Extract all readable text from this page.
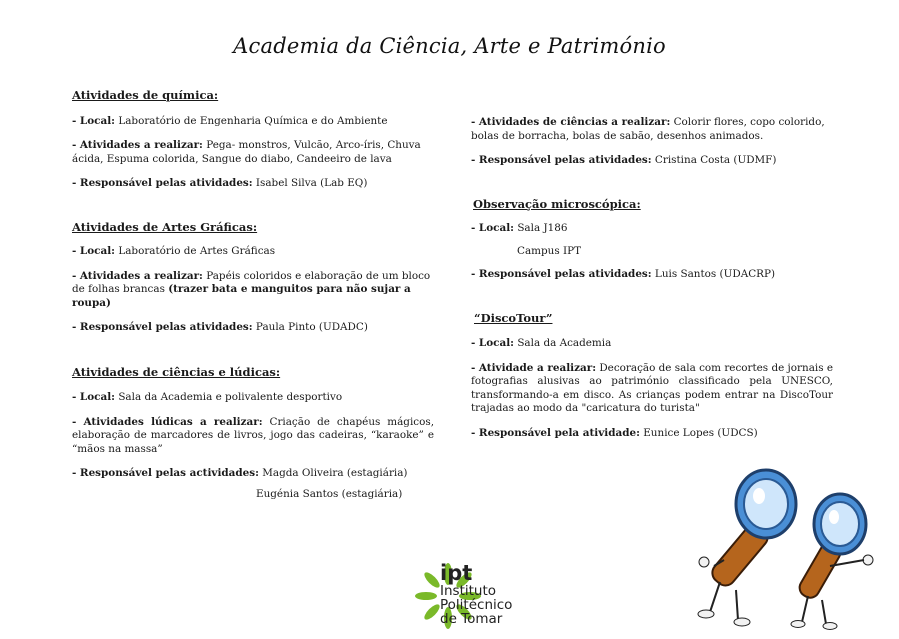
Academia da Ciência, Arte e Património

Atividades de química:

- Local: Laboratório de Engenharia Química e do Ambiente

- Atividades a realizar: Pega- monstros, Vulcão, Arco-íris, Chuva ácida, Espuma colorida, Sangue do diabo, Candeeiro de lava

- Responsável pelas atividades: Isabel Silva (Lab EQ)

Atividades de Artes Gráficas:

- Local: Laboratório de Artes Gráficas

- Atividades a realizar: Papéis coloridos e elaboração de um bloco de folhas brancas (trazer bata e manguitos para não sujar a roupa)

- Responsável pelas atividades: Paula Pinto (UDADC)

Atividades de ciências e lúdicas:

- Local: Sala da Academia e polivalente desportivo

- Atividades lúdicas a realizar: Criação de chapéus mágicos, elaboração de marcadores de livros, jogo das cadeiras, “karaoke” e “mãos na massa”

- Responsável pelas actividades: Magda Oliveira (estagiária)

Eugénia Santos (estagiária)

- Atividades de ciências a realizar: Colorir flores, copo colorido, bolas de borracha, bolas de sabão, desenhos animados.

- Responsável pelas atividades: Cristina Costa (UDMF)

Observação microscópica:

- Local: Sala J186

Campus IPT

- Responsável pelas atividades: Luis Santos (UDACRP)

“DiscoTour”

- Local: Sala da Academia

- Atividade a realizar: Decoração de sala com recortes de jornais e fotografias alusivas ao património classificado pela UNESCO, transformando-a em disco. As crianças podem entrar na DiscoTour trajadas ao modo da "caricatura do turista"

- Responsável pela atividade: Eunice Lopes (UDCS)

ipt
Instituto
Politécnico
de Tomar
